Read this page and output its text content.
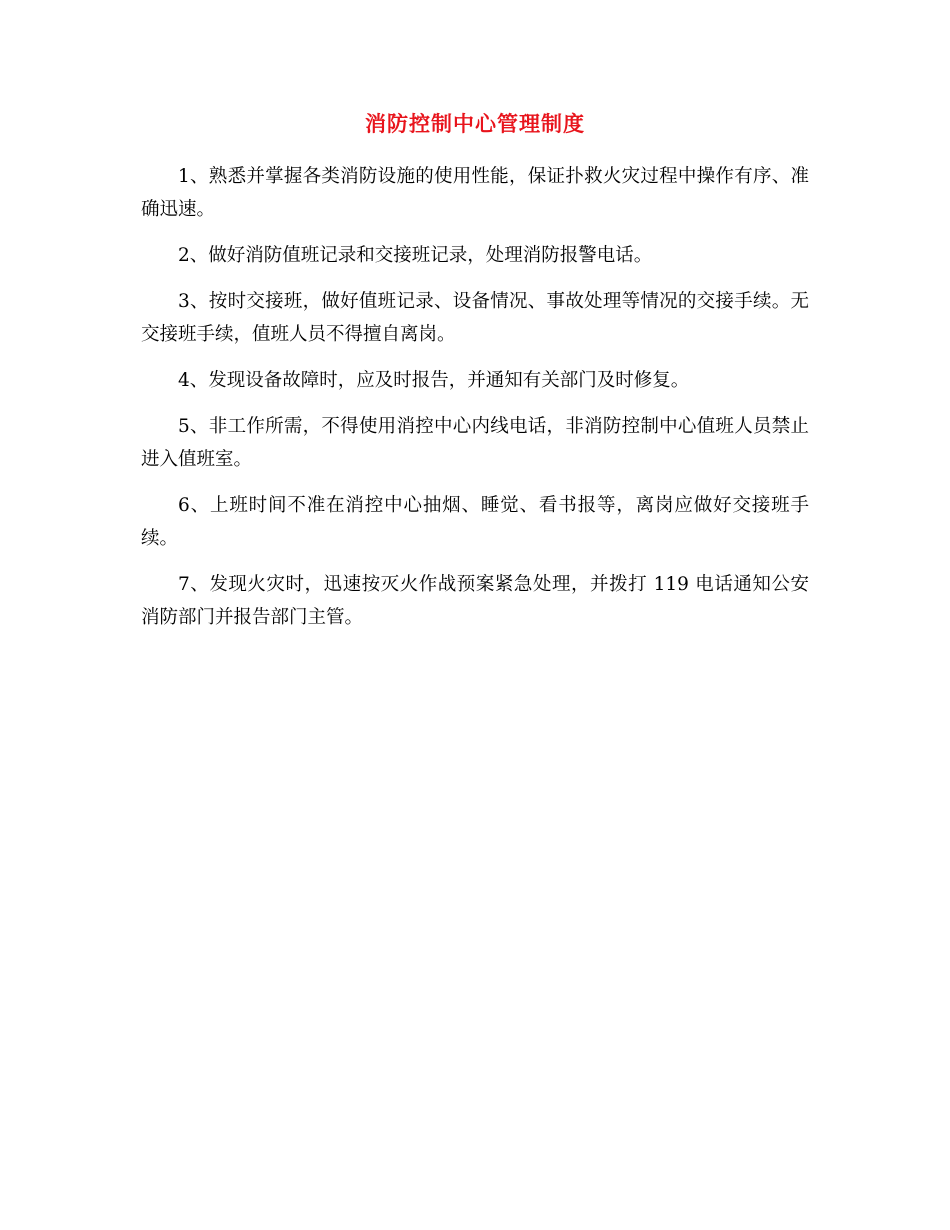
消防控制中心管理制度

1、熟悉并掌握各类消防设施的使用性能，保证扑救火灾过程中操作有序、准确迅速。

2、做好消防值班记录和交接班记录，处理消防报警电话。

3、按时交接班，做好值班记录、设备情况、事故处理等情况的交接手续。无交接班手续，值班人员不得擅自离岗。

4、发现设备故障时，应及时报告，并通知有关部门及时修复。

5、非工作所需，不得使用消控中心内线电话，非消防控制中心值班人员禁止进入值班室。

6、上班时间不准在消控中心抽烟、睡觉、看书报等，离岗应做好交接班手续。

7、发现火灾时，迅速按灭火作战预案紧急处理，并拨打 119 电话通知公安消防部门并报告部门主管。
